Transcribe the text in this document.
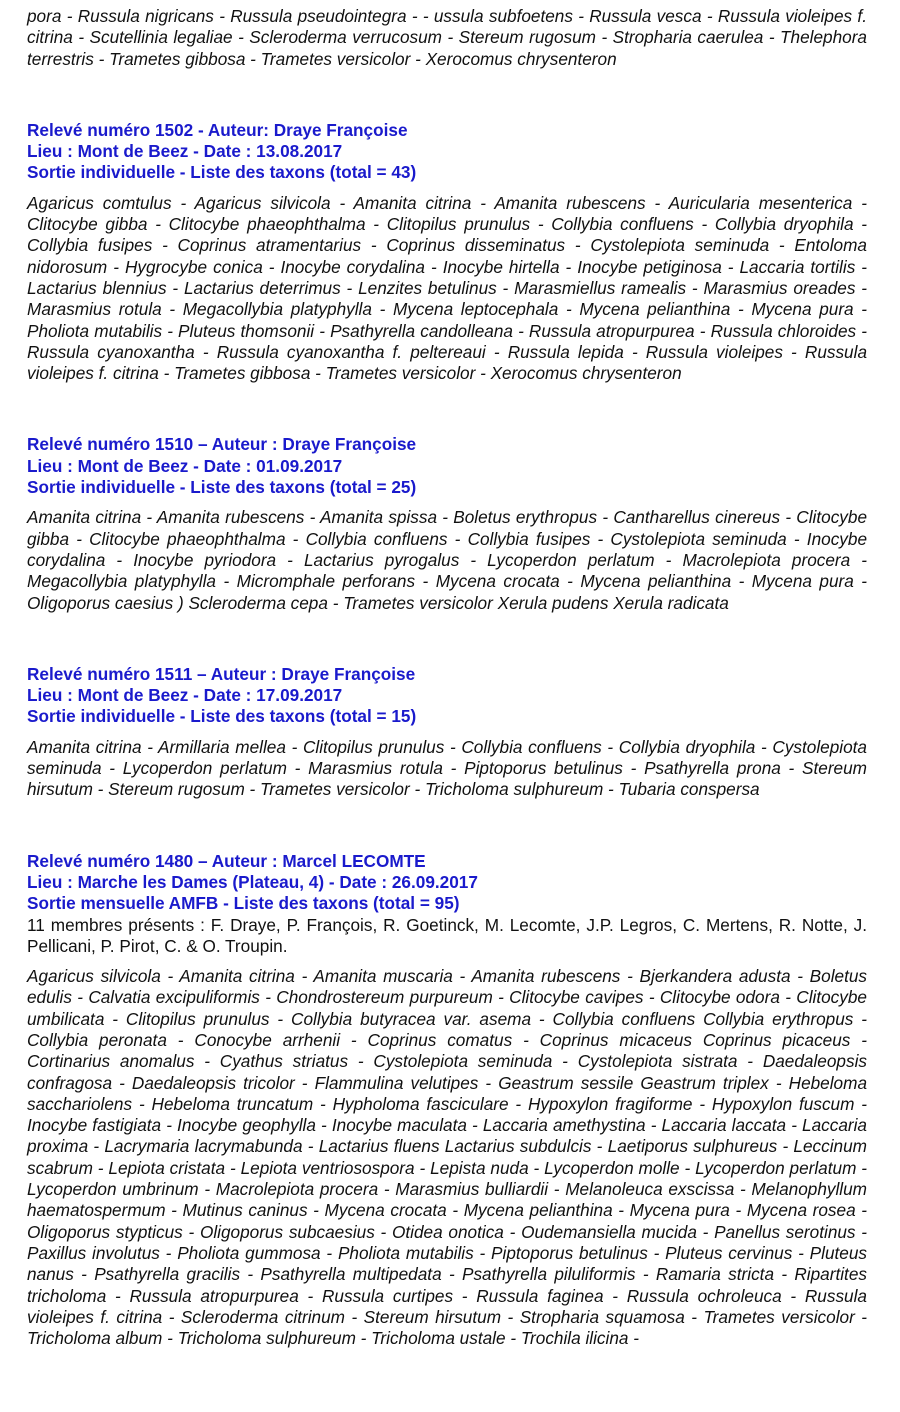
pora - Russula nigricans - Russula pseudointegra - - ussula subfoetens - Russula vesca - Russula violeipes f. citrina - Scutellinia legaliae - Scleroderma verrucosum - Stereum rugosum - Stropharia caerulea - Thelephora terrestris - Trametes gibbosa - Trametes versicolor - Xerocomus chrysenteron

Relevé numéro 1502 - Auteur: Draye Françoise

Lieu : Mont de Beez - Date : 13.08.2017

Sortie individuelle - Liste des taxons (total = 43)

Agaricus comtulus - Agaricus silvicola - Amanita citrina - Amanita rubescens - Auricularia mesenterica - Clitocybe gibba - Clitocybe phaeophthalma - Clitopilus prunulus - Collybia confluens - Collybia dryophila - Collybia fusipes - Coprinus atramentarius - Coprinus disseminatus - Cystolepiota seminuda - Entoloma nidorosum - Hygrocybe conica - Inocybe corydalina - Inocybe hirtella - Inocybe petiginosa - Laccaria tortilis - Lactarius blennius - Lactarius deterrimus - Lenzites betulinus - Marasmiellus ramealis - Marasmius oreades - Marasmius rotula - Megacollybia platyphylla - Mycena leptocephala - Mycena pelianthina - Mycena pura - Pholiota mutabilis - Pluteus thomsonii - Psathyrella candolleana - Russula atropurpurea - Russula chloroides - Russula cyanoxantha - Russula cyanoxantha f. peltereaui - Russula lepida - Russula violeipes - Russula violeipes f. citrina - Trametes gibbosa - Trametes versicolor - Xerocomus chrysenteron

Relevé numéro 1510 – Auteur : Draye Françoise

Lieu : Mont de Beez - Date : 01.09.2017

Sortie individuelle - Liste des taxons (total = 25)

Amanita citrina - Amanita rubescens - Amanita spissa - Boletus erythropus - Cantharellus cinereus - Clitocybe gibba - Clitocybe phaeophthalma - Collybia confluens - Collybia fusipes - Cystolepiota seminuda - Inocybe corydalina - Inocybe pyriodora - Lactarius pyrogalus - Lycoperdon perlatum - Macrolepiota procera - Megacollybia platyphylla - Micromphale perforans - Mycena crocata - Mycena pelianthina - Mycena pura - Oligoporus caesius ) Scleroderma cepa - Trametes versicolor Xerula pudens Xerula radicata

Relevé numéro 1511 – Auteur : Draye Françoise

Lieu : Mont de Beez - Date : 17.09.2017

Sortie individuelle - Liste des taxons (total = 15)

Amanita citrina - Armillaria mellea - Clitopilus prunulus - Collybia confluens - Collybia dryophila - Cystolepiota seminuda - Lycoperdon perlatum - Marasmius rotula - Piptoporus betulinus - Psathyrella prona - Stereum hirsutum - Stereum rugosum - Trametes versicolor - Tricholoma sulphureum - Tubaria conspersa

Relevé numéro 1480 – Auteur : Marcel LECOMTE

Lieu : Marche les Dames (Plateau, 4) - Date : 26.09.2017

Sortie mensuelle AMFB - Liste des taxons (total = 95)

11 membres présents : F. Draye, P. François, R. Goetinck, M. Lecomte, J.P. Legros, C. Mertens, R. Notte, J. Pellicani, P. Pirot, C. & O. Troupin.

Agaricus silvicola - Amanita citrina - Amanita muscaria - Amanita rubescens - Bjerkandera adusta - Boletus edulis - Calvatia excipuliformis - Chondrostereum purpureum - Clitocybe cavipes - Clitocybe odora - Clitocybe umbilicata - Clitopilus prunulus - Collybia butyracea var. asema - Collybia confluens Collybia erythropus - Collybia peronata - Conocybe arrhenii - Coprinus comatus - Coprinus micaceus Coprinus picaceus - Cortinarius anomalus - Cyathus striatus - Cystolepiota seminuda - Cystolepiota sistrata - Daedaleopsis confragosa - Daedaleopsis tricolor - Flammulina velutipes - Geastrum sessile Geastrum triplex - Hebeloma sacchariolens - Hebeloma truncatum - Hypholoma fasciculare - Hypoxylon fragiforme - Hypoxylon fuscum - Inocybe fastigiata - Inocybe geophylla - Inocybe maculata - Laccaria amethystina - Laccaria laccata - Laccaria proxima - Lacrymaria lacrymabunda - Lactarius fluens Lactarius subdulcis - Laetiporus sulphureus - Leccinum scabrum - Lepiota cristata - Lepiota ventriosospora - Lepista nuda - Lycoperdon molle - Lycoperdon perlatum - Lycoperdon umbrinum - Macrolepiota procera - Marasmius bulliardii - Melanoleuca exscissa - Melanophyllum haematospermum - Mutinus caninus - Mycena crocata - Mycena pelianthina - Mycena pura - Mycena rosea - Oligoporus stypticus - Oligoporus subcaesius - Otidea onotica - Oudemansiella mucida - Panellus serotinus - Paxillus involutus - Pholiota gummosa - Pholiota mutabilis - Piptoporus betulinus - Pluteus cervinus - Pluteus nanus - Psathyrella gracilis - Psathyrella multipedata - Psathyrella piluliformis - Ramaria stricta - Ripartites tricholoma - Russula atropurpurea - Russula curtipes - Russula faginea - Russula ochroleuca - Russula violeipes f. citrina - Scleroderma citrinum - Stereum hirsutum - Stropharia squamosa - Trametes versicolor - Tricholoma album - Tricholoma sulphureum - Tricholoma ustale - Trochila ilicina -
